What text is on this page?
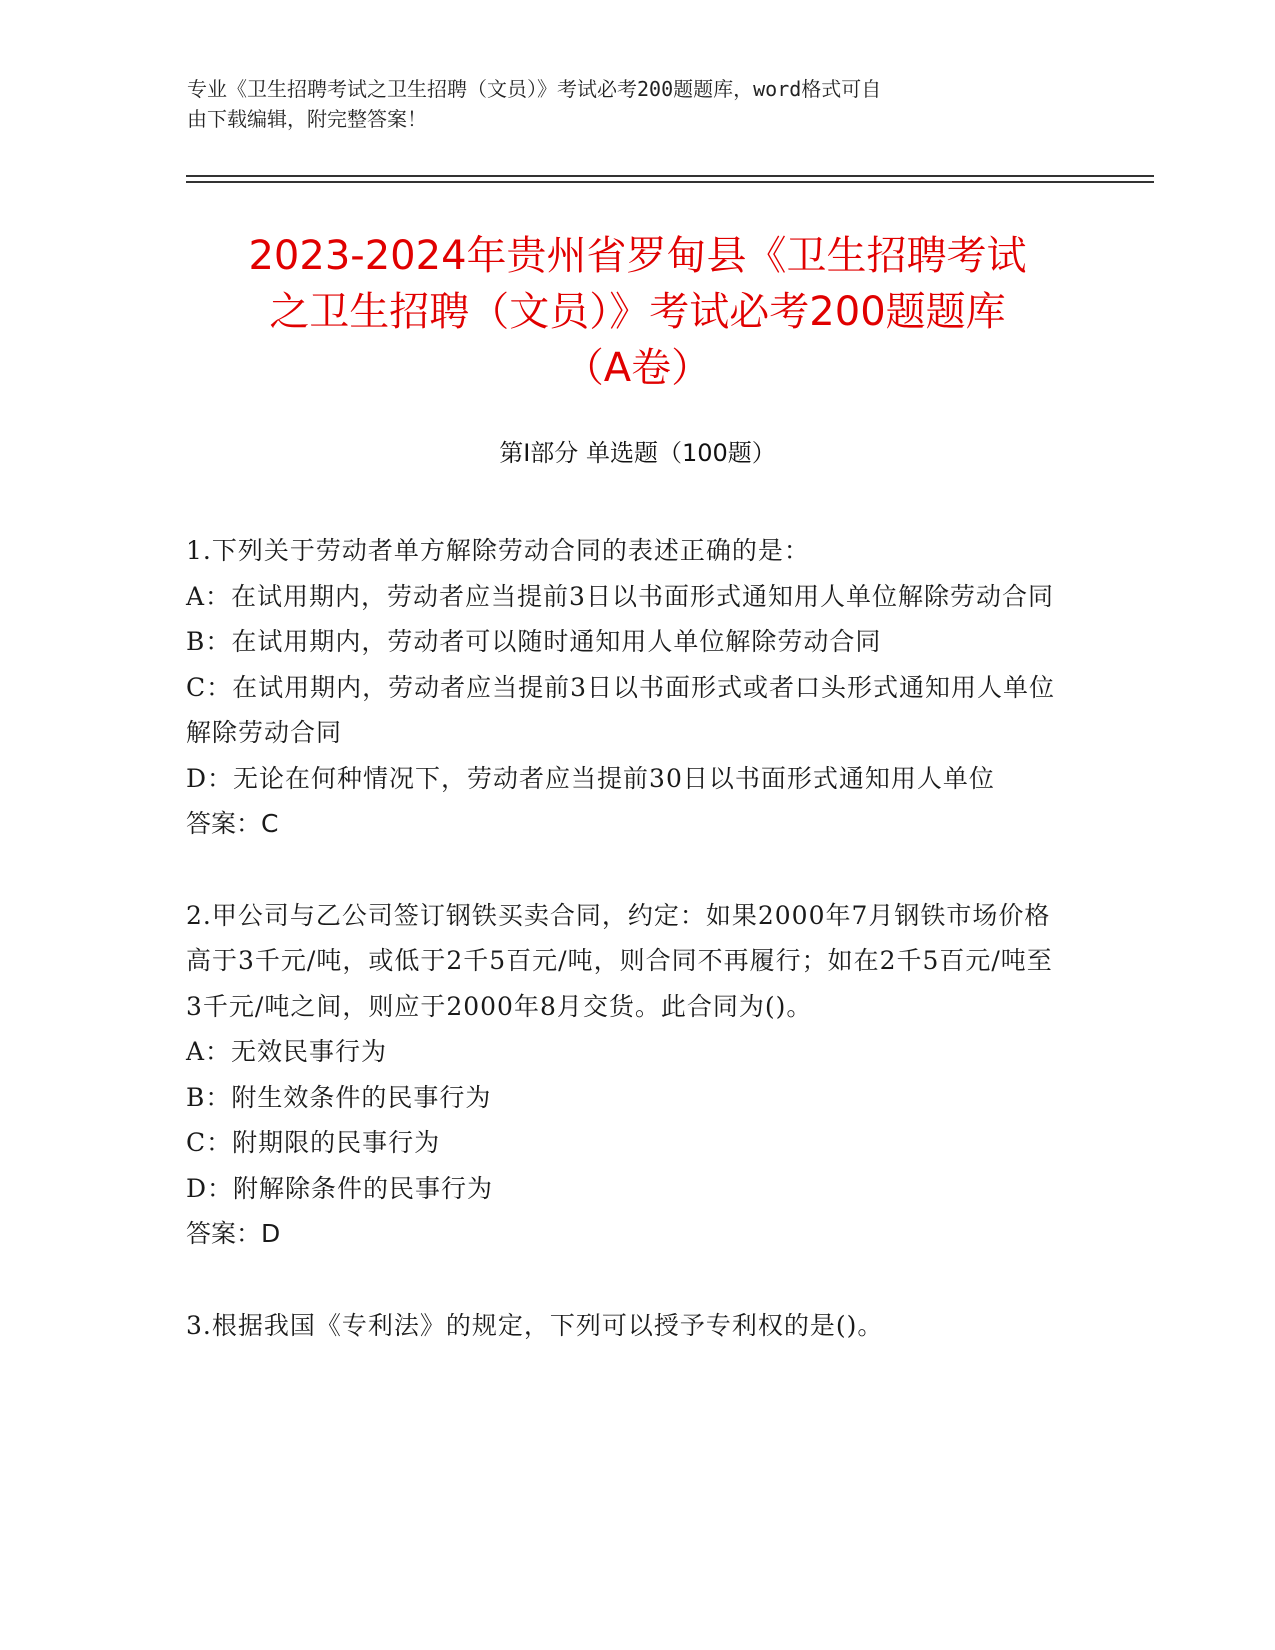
专业《卫生招聘考试之卫生招聘（文员）》考试必考200题题库，word格式可自
由下载编辑，附完整答案！
2023-2024年贵州省罗甸县《卫生招聘考试
之卫生招聘（文员）》考试必考200题题库
（A卷）
第I部分 单选题（100题）
1.下列关于劳动者单方解除劳动合同的表述正确的是：
A：在试用期内，劳动者应当提前3日以书面形式通知用人单位解除劳动合同
B：在试用期内，劳动者可以随时通知用人单位解除劳动合同
C：在试用期内，劳动者应当提前3日以书面形式或者口头形式通知用人单位解除劳动合同
D：无论在何种情况下，劳动者应当提前30日以书面形式通知用人单位
答案：C
2.甲公司与乙公司签订钢铁买卖合同，约定：如果2000年7月钢铁市场价格高于3千元/吨，或低于2千5百元/吨，则合同不再履行；如在2千5百元/吨至3千元/吨之间，则应于2000年8月交货。此合同为()。
A：无效民事行为
B：附生效条件的民事行为
C：附期限的民事行为
D：附解除条件的民事行为
答案：D
3.根据我国《专利法》的规定，下列可以授予专利权的是()。
